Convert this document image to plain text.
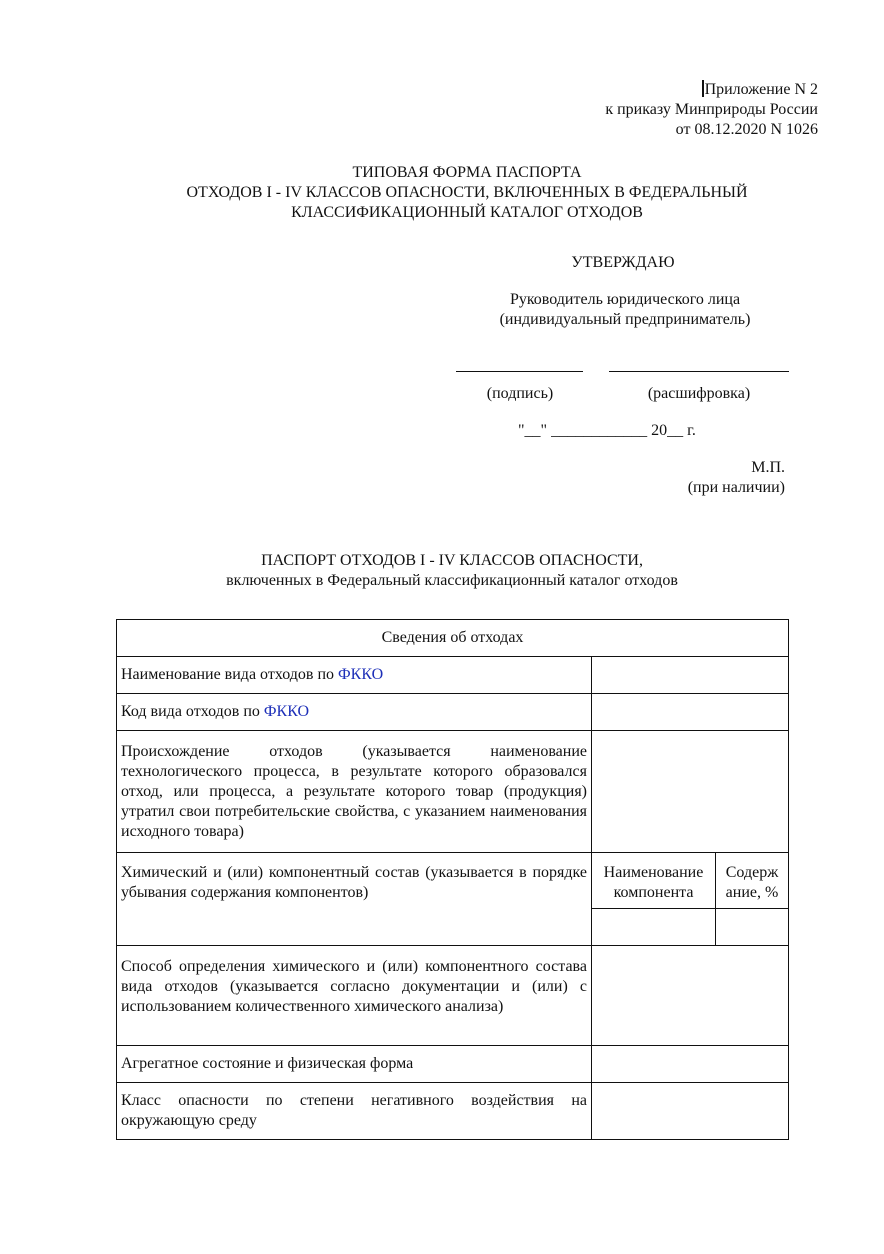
Приложение N 2
к приказу Минприроды России
от 08.12.2020 N 1026
ТИПОВАЯ ФОРМА ПАСПОРТА
ОТХОДОВ I - IV КЛАССОВ ОПАСНОСТИ, ВКЛЮЧЕННЫХ В ФЕДЕРАЛЬНЫЙ
КЛАССИФИКАЦИОННЫЙ КАТАЛОГ ОТХОДОВ
УТВЕРЖДАЮ
Руководитель юридического лица
(индивидуальный предприниматель)
(подпись)	(расшифровка)
"__" ____________ 20__ г.
М.П.
(при наличии)
ПАСПОРТ ОТХОДОВ I - IV КЛАССОВ ОПАСНОСТИ,
включенных в Федеральный классификационный каталог отходов
Сведения об отходах		
Наименование вида отходов по ФККО		
Код вида отходов по ФККО		
Происхождение отходов (указывается наименование технологического процесса, в результате которого образовался отход, или процесса, а результате которого товар (продукция) утратил свои потребительские свойства, с указанием наименования исходного товара)		
Химический и (или) компонентный состав (указывается в порядке убывания содержания компонентов)	Наименование компонента	Содерж ание, %

Способ определения химического и (или) компонентного состава вида отходов (указывается согласно документации и (или) с использованием количественного химического анализа)		
Агрегатное состояние и физическая форма		
Класс опасности по степени негативного воздействия на окружающую среду		
